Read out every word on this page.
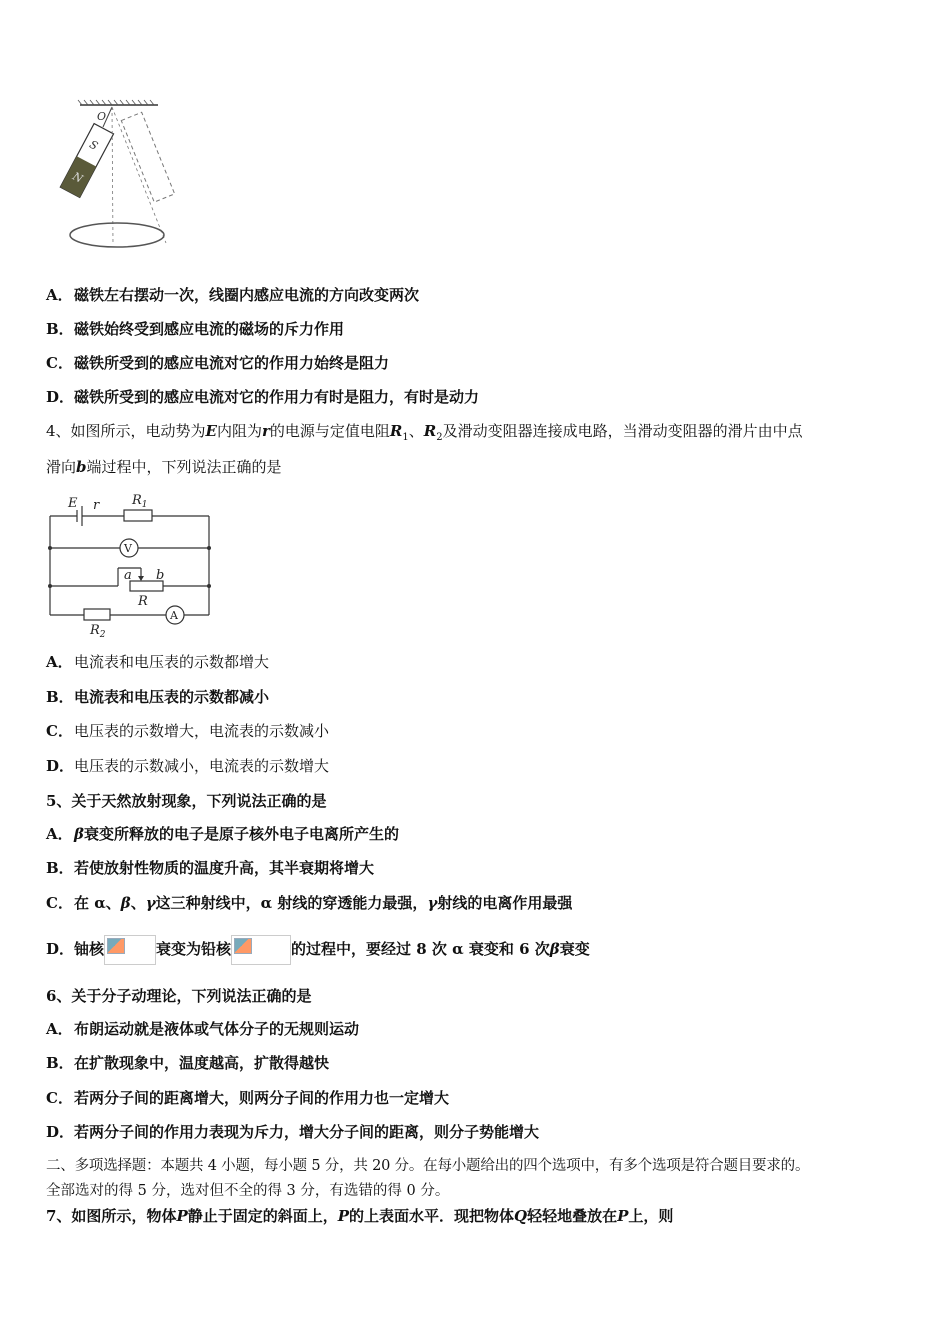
O
S
N
A．磁铁左右摆动一次，线圈内感应电流的方向改变两次
B．磁铁始终受到感应电流的磁场的斥力作用
C．磁铁所受到的感应电流对它的作用力始终是阻力
D．磁铁所受到的感应电流对它的作用力有时是阻力，有时是动力
4、如图所示，电动势为E内阻为r的电源与定值电阻$R_1$、$R_2$及滑动变阻器连接成电路，当滑动变阻器的滑片由中点
滑向b端过程中，下列说法正确的是
E r	$R_1$
V
a b
R
A
$R_2$
A．电流表和电压表的示数都增大
B．电流表和电压表的示数都减小
C．电压表的示数增大，电流表的示数减小
D．电压表的示数减小，电流表的示数增大
5、关于天然放射现象，下列说法正确的是
A．β衰变所释放的电子是原子核外电子电离所产生的
B．若使放射性物质的温度升高，其半衰期将增大
C．在 α、β、γ这三种射线中，α 射线的穿透能力最强，γ射线的电离作用最强
D．铀核	衰变为铅核	的过程中，要经过 8 次 α 衰变和 6 次β衰变
6、关于分子动理论，下列说法正确的是
A．布朗运动就是液体或气体分子的无规则运动
B．在扩散现象中，温度越高，扩散得越快
C．若两分子间的距离增大，则两分子间的作用力也一定增大
D．若两分子间的作用力表现为斥力，增大分子间的距离，则分子势能增大
二、多项选择题：本题共 4 小题，每小题 5 分，共 20 分。在每小题给出的四个选项中，有多个选项是符合题目要求的。
全部选对的得 5 分，选对但不全的得 3 分，有选错的得 0 分。
7、如图所示，物体P静止于固定的斜面上，P的上表面水平．现把物体Q轻轻地叠放在P上，则
